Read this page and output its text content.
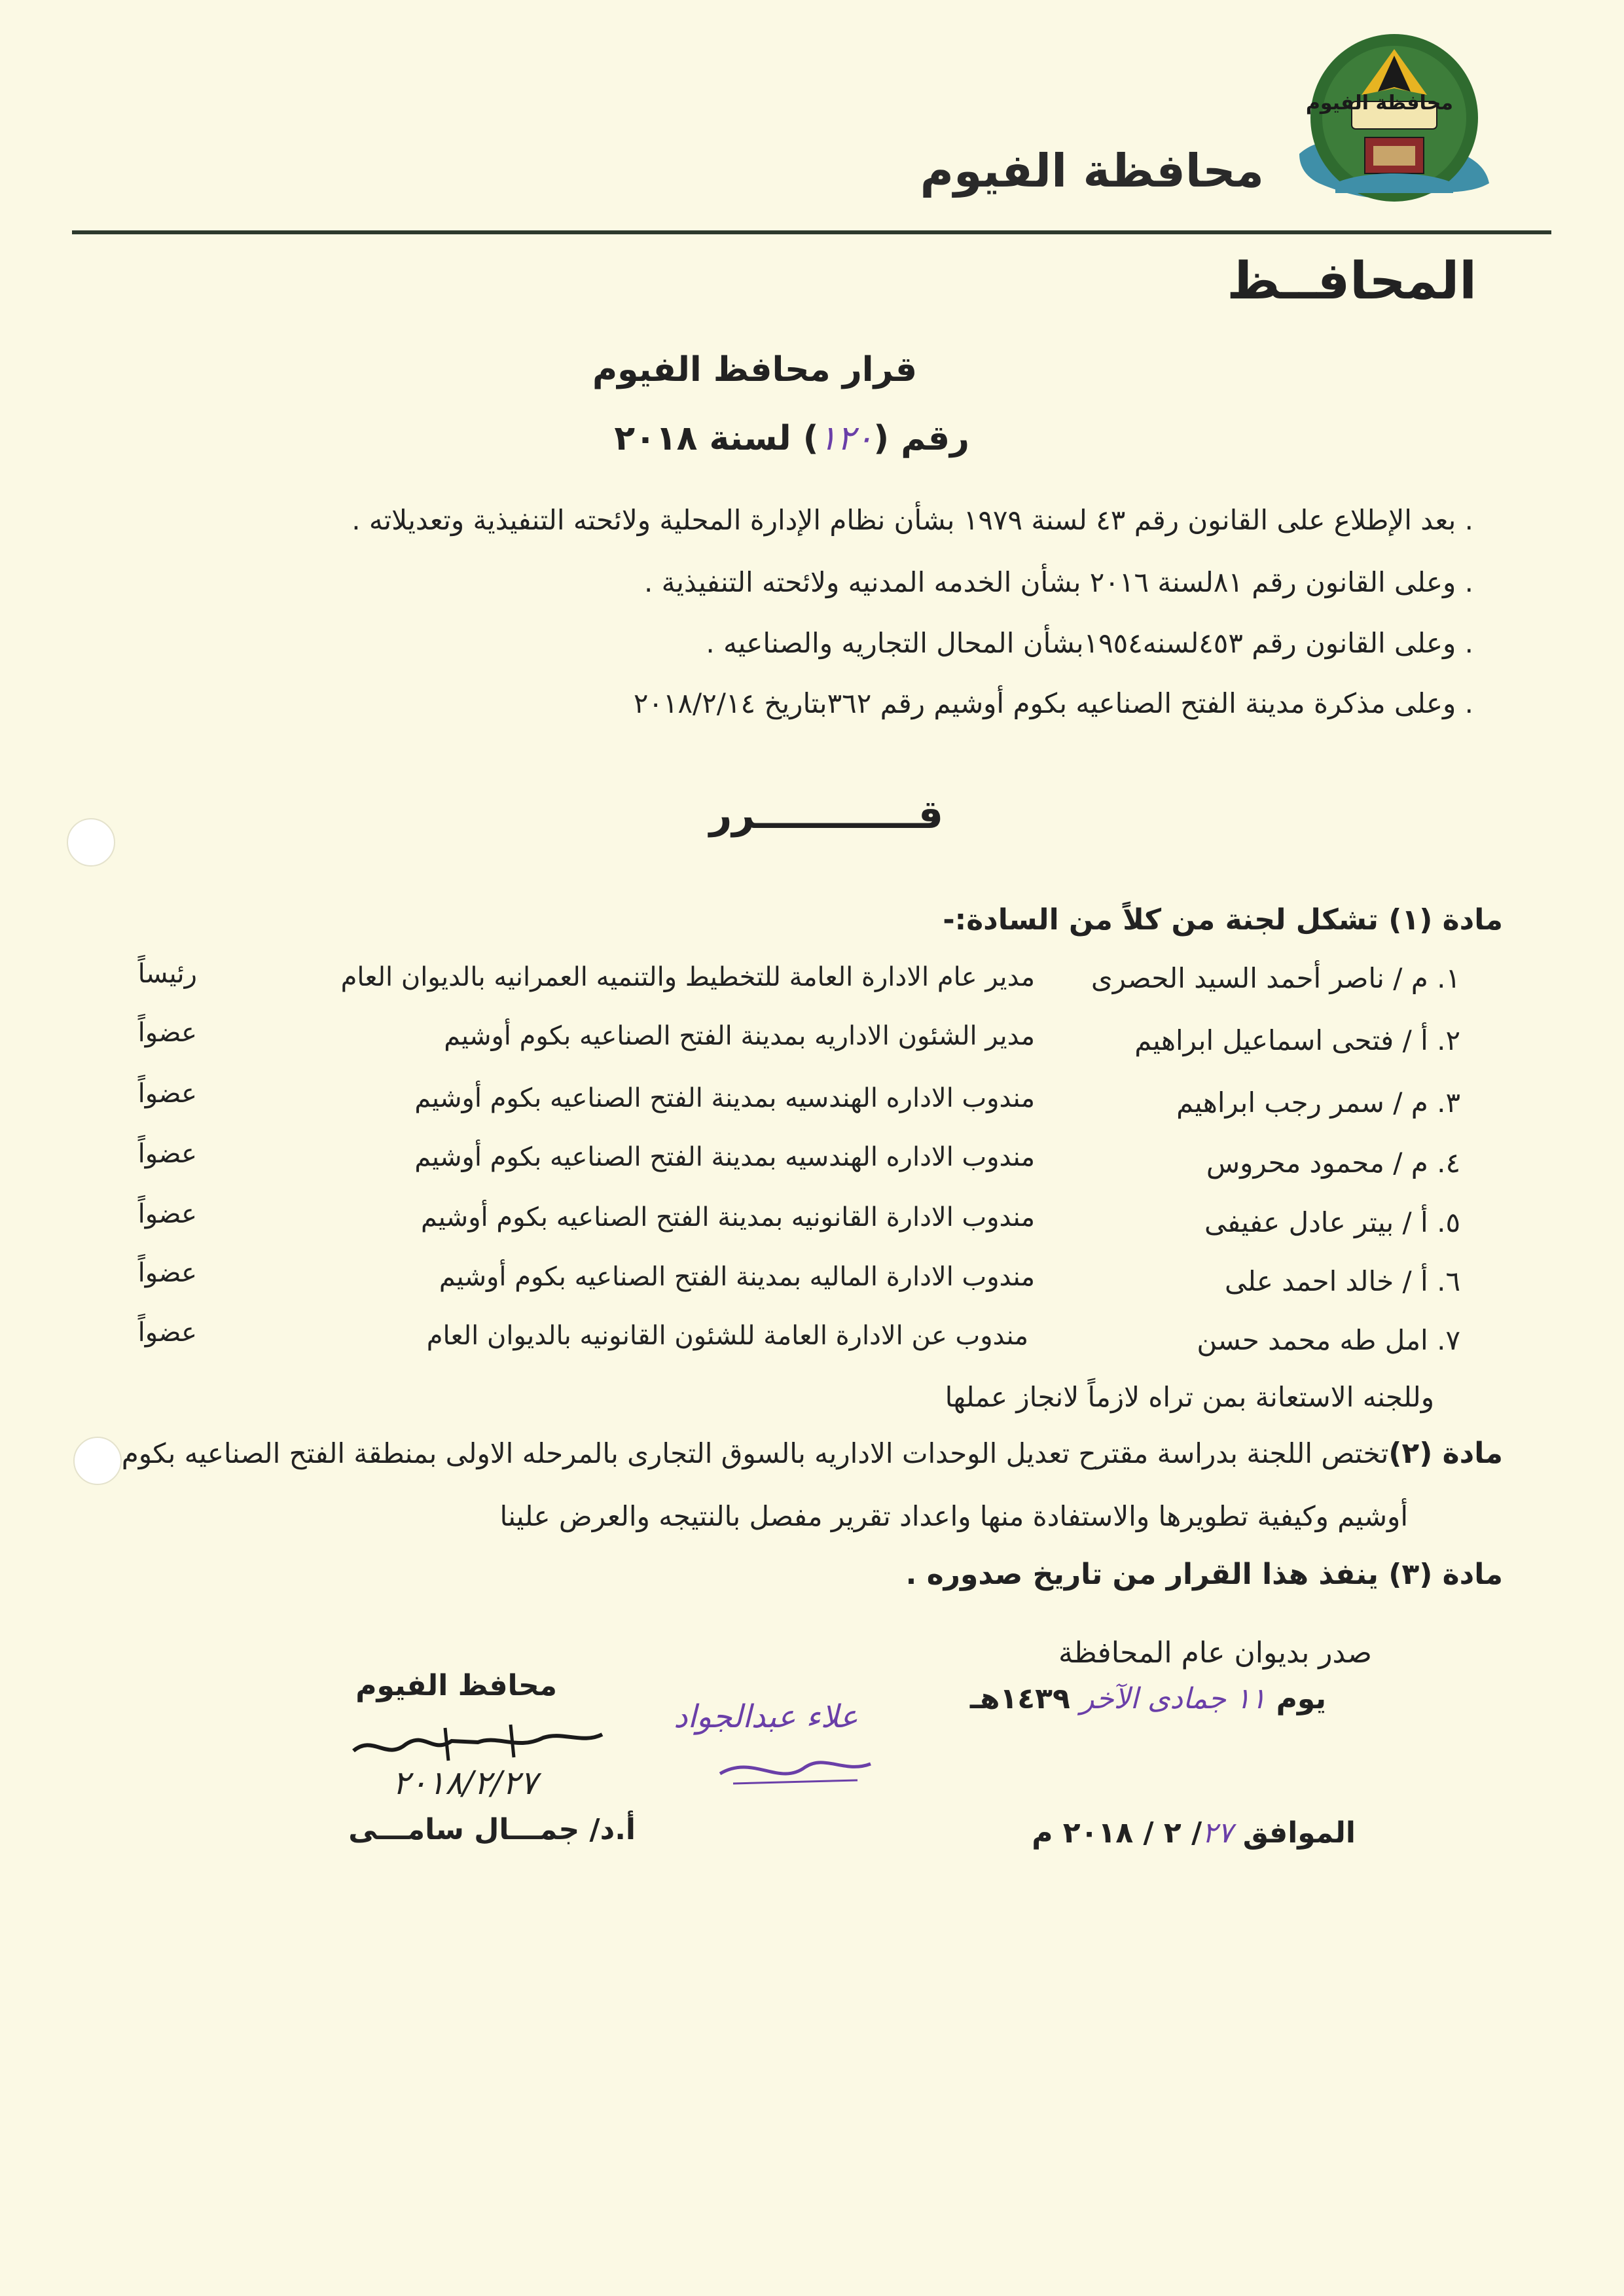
محافظة الفيوم
محافظة الفيوم
المحافــظ
قرار محافظ الفيوم
رقم (١٢٠) لسنة ٢٠١٨
. بعد الإطلاع على القانون رقم ٤٣ لسنة ١٩٧٩ بشأن نظام الإدارة المحلية ولائحته التنفيذية وتعديلاته .
. وعلى القانون رقم ٨١لسنة ٢٠١٦ بشأن الخدمه المدنيه ولائحته التنفيذية .
. وعلى القانون رقم ٤٥٣لسنه١٩٥٤بشأن المحال التجاريه والصناعيه .
. وعلى مذكرة مدينة الفتح الصناعيه بكوم أوشيم رقم ٣٦٢بتاريخ ٢٠١٨/٢/١٤
قــــــــــــرر
مادة (١) تشكل لجنة من كلاً من السادة:-
١. م / ناصر أحمد السيد الحصرى
مدير عام الادارة العامة للتخطيط والتنميه العمرانيه بالديوان العام
رئيساً
٢. أ / فتحى اسماعيل ابراهيم
مدير الشئون الاداريه بمدينة الفتح الصناعيه بكوم أوشيم
عضواً
٣. م / سمر رجب ابراهيم
مندوب الاداره الهندسيه بمدينة الفتح الصناعيه بكوم أوشيم
عضواً
٤. م / محمود محروس
مندوب الاداره الهندسيه بمدينة الفتح الصناعيه بكوم أوشيم
عضواً
٥. أ / بيتر عادل عفيفى
مندوب الادارة القانونيه بمدينة الفتح الصناعيه بكوم أوشيم
عضواً
٦. أ / خالد احمد على
مندوب الادارة الماليه بمدينة الفتح الصناعيه بكوم أوشيم
عضواً
٧. امل طه محمد حسن
مندوب عن الادارة العامة للشئون القانونيه بالديوان العام
عضواً
وللجنه الاستعانة بمن تراه لازماً لانجاز عملها
مادة (٢)تختص اللجنة بدراسة مقترح تعديل الوحدات الاداريه بالسوق التجارى بالمرحله الاولى بمنطقة الفتح الصناعيه بكوم
أوشيم وكيفية تطويرها والاستفادة منها واعداد تقرير مفصل بالنتيجه والعرض علينا
مادة (٣) ينفذ هذا القرار من تاريخ صدوره .
صدر بديوان عام المحافظة
يوم ١١ جمادى الآخر ١٤٣٩هـ
الموافق ٢٧/ ٢ / ٢٠١٨ م
محافظ الفيوم
٢٠١٨/٢/٢٧
أ.د/ جمـــال سامـــى
علاء عبدالجواد
